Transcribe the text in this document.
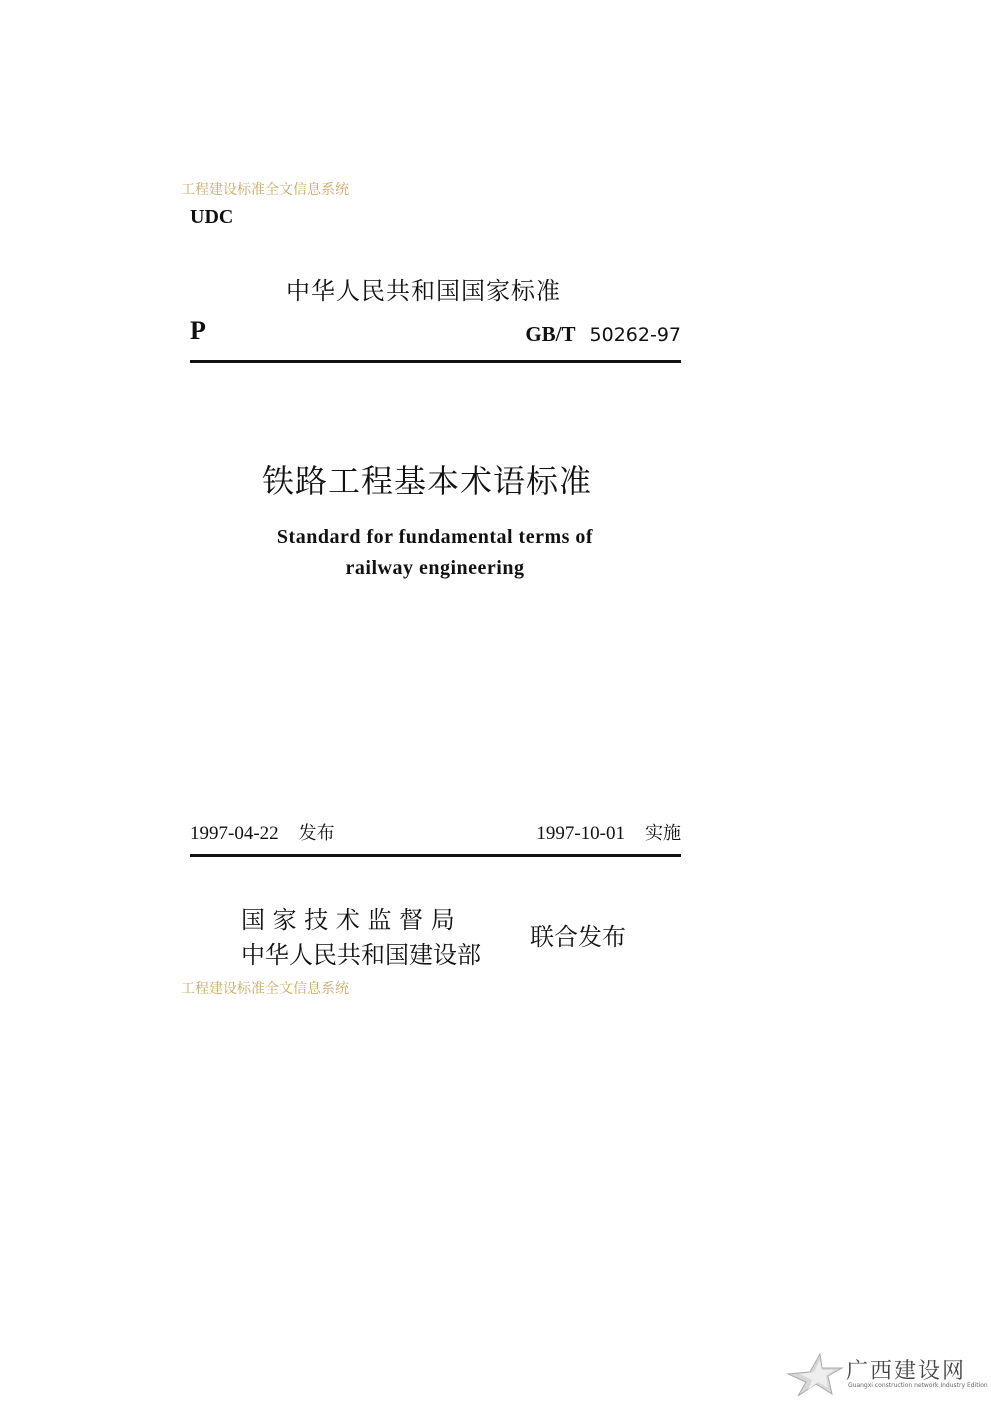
工程建设标准全文信息系统
UDC
中华人民共和国国家标准
P	GB/T 50262-97
铁路工程基本术语标准
Standard for fundamental terms of
railway engineering
1997-04-22 发布	1997-10-01 实施
国 家 技 术 监 督 局
中华人民共和国建设部
联合发布
工程建设标准全文信息系统
广西建设网
Guangxi construction network Industry Edition
